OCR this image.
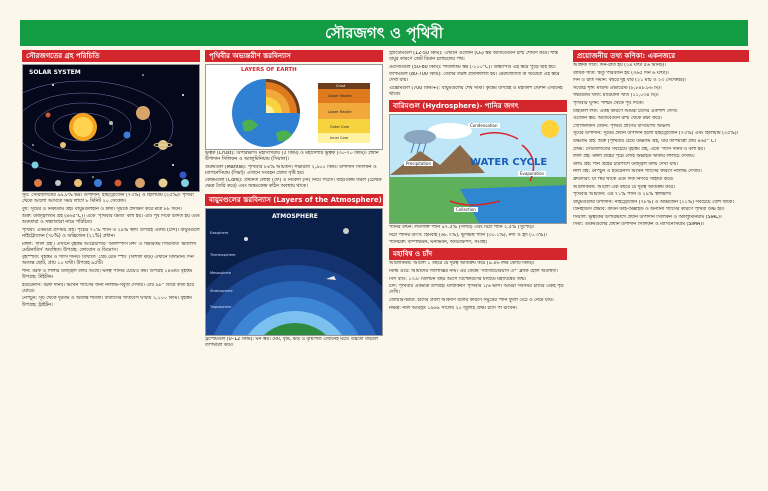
সৌরজগৎ ও পৃথিবী
সৌরজগতের গ্রহ পরিচিতি
SOLAR SYSTEM

সূর্য: সৌরজগতের ৯৯.৮% ভর। উপাদান: হাইড্রোজেন (৭৩%) ও হিলিয়াম (২৫%)। পৃথিবী থেকে আলো আসতে সময় লাগে ৮ মিনিট ২০ সেকেন্ড।

বুধ: সূর্যের ও নিকটতম গ্রহ। বায়ুমণ্ডলহীন ও দ্রুত। সূর্যকে প্রদক্ষিণ করে মাত্র ৮৮ দিনে।

শুক্র: উজ্জ্বলতম গ্রহ (৪৬৫°C)। একে 'পৃথিবীর যমজ' বলা হয়। এটি পূর্ব দিকে উদিত হয় এবং শুকতারা ও সন্ধ্যাতারা নামে পরিচিত।

পৃথিবী: একমাত্র প্রাণময় গ্রহ। পৃষ্ঠের ৭১% পানি ও ২৯% স্থল। উপগ্রহ একটি (চাঁদ)। বায়ুমণ্ডলে নাইট্রোজেন (৭৮%) ও অক্সিজেন (২১%) প্রধান।

মঙ্গল: 'লাল গ্রহ'। এখানে বৃহত্তম আগ্নেয়গিরি 'অলিম্পাস মন্স' ও গভীরতম গিরিখাত 'ভ্যালিস মেরিনারিস' অবস্থিত। উপগ্রহ: ফোবোস ও ডিমোস।

বৃহস্পতি: বৃহত্তম ও গ্যাস দানব। বিখ্যাত 'গ্রেট রেড স্পট' (বিশাল ঝড়) এখানে বিদ্যমান। দিন অত্যন্ত ছোট, প্রায় ১০ ঘণ্টা। উপগ্রহ ৯৫টি।

শনি: বরফ ও শিলার উজ্জ্বল বলয় আছে। ঘনত্ব পানির চেয়েও কম। উপগ্রহ ১৪৬টি। বৃহত্তম উপগ্রহ: টাইটান।

ইউরেনাস: বরফ দানব। মিথেন গ্যাসের জন্য নীলাভ-সবুজ দেখায়। এটি ৯৮° ডিগ্রি কাত হয়ে ঘোরে।

নেপচুন: সূর্য থেকে দূরতম ও অত্যন্ত শীতল। বাতাসের গতিবেগ ঘণ্টায় ২,১০০ কিমি। বৃহত্তম উপগ্রহ: ট্রাইটন।

পৃথিবীর অভ্যন্তরীণ স্তরবিন্যাস
LAYERS OF EARTH
Crust
Upper Mantle
Lower Mantle
Outer Core
Inner Core

ভূত্বক (Crust): উপরিভাগ। মহাসাগরীয় (৫ কিমি) ও মহাদেশীয় ভূত্বক (৩০-৭০ কিমি)। প্রধান উপাদান সিলিকন ও অ্যালুমিনিয়াম (সিয়াল)।

গুরুমণ্ডল (Mantle): পৃথিবীর ৮৪% আয়তন। গভীরতা ২,৯০০ কিমি। উপাদান সিলিকন ও ম্যাগনেসিয়াম (সিমা)। এখানে সংবহন স্রোত সৃষ্টি হয়।

কেন্দ্রমণ্ডল (Core): প্রধানত লোহা (ফে) ও নিকেল (নি) নিয়ে গঠিত। বহিঃকেন্দ্র তরল (চৌম্বক ক্ষেত্র তৈরি করে) এবং অন্তঃকেন্দ্র কঠিন অবস্থায় থাকে।

বায়ুমণ্ডলের স্তরবিন্যাস (Layers of the Atmosphere)
ATMOSPHERE
Exosphere
Thermosphere
Mesosphere
Stratosphere
Troposphere

ট্রপোমণ্ডল (0–12 কিমি): ঘন স্তর। মেঘ, বৃষ্টি, ঝড় ও বৃষ্টিপাত এখানেই ঘটে। উচ্চতা বাড়লে তাপমাত্রা কমে।

স্ট্র্যাটোমণ্ডল (12-50 কিমি): এখানে ওজোন (O₃) স্তর অতিবেগুনি রশ্মি শোষণ করে। শান্ত বায়ুর কারণে জেট বিমান চলাচলের পথ।

মেসোমণ্ডল (50-80 কিমি): শীতলতম স্তর (-১০০°C)। উল্কাপিণ্ড এই স্তরে পুড়ে ছাই হয়।

তাপমণ্ডল (80-700 কিমি): বেতার তরঙ্গ প্রতিফলিত হয়। মেরুজ্যোতি বা অরোরা এই স্তরে দেখা যায়।

এক্সোমণ্ডল (700 কিমি+): বায়ুমণ্ডলের শেষ সীমা। কৃত্রিম উপগ্রহ ও মহাকাশ স্টেশন এখানেই থাকে।

বারিমণ্ডল (Hydrosphere)- পানির জগৎ
WATER CYCLE
Condensation
Precipitation
Evaporation
Collection

পানির বন্টন: লবণাক্ত পানি ৯৭.৫% (সাগর) এবং মিঠা পানি ২.৫% (সুপেয়)।

মিঠা পানির উৎস: হিমবাহ (৬৮.৭%), ভূগর্ভস্থ পানি (৩০.১%), নদী ও হ্রদ (০.৩%)।

পানিচক্র: বাষ্পীভবন, ঘনীভবন, অধঃক্ষেপণ, সংগ্রহ।

মহাবিশ্ব ও চাঁদ

আলোকবর্ষ: আলো ১ বছরে যে দূরত্ব অতিক্রম করে (৯.৪৬ লক্ষ কোটি কিমি)।

মিল্কি ওয়ে: আমাদের গ্যালাক্সির নাম। এর কেন্দ্রে 'স্যাজিটেরিয়াস এ*' ব্ল্যাক হোল অবস্থিত।

বিগ ব্যাং: ১৩.৮ বিলিয়ন বছর আগে বিস্ফোরণের মাধ্যমে মহাবিশ্বের জন্ম।

চাঁদ: পৃথিবীর একমাত্র উপগ্রহ। মাধ্যাকর্ষণ পৃথিবীর ১/৬ ভাগ। আমরা সবসময় চাঁদের একই পৃষ্ঠ দেখি।

জোয়ার-ভাটা: চাঁদের প্রবল আকর্ষণ বলের কারণে সমুদ্রের পানি ফুলে ওঠে ও নেমে যায়।

নক্ষত্র: নীল আর্মস্ট্রং ১৯৬৯ সালের ২০ জুলাই প্রথম চাঁদে পা রাখেন।

প্রয়োজনীয় তথ্য কণিকা: একনজরে

আহ্নিক গতি: দিন-রাত হয় (২৪ ঘণ্টা ৫৬ মিনিট)।

বার্ষিক গতি: ঋতু পরিবর্তন হয় (৩৬৫ দিন ৬ ঘণ্টা)।

দিন ও রাত সমান: বছরে দুই বার (২১ মার্চ ও ২৩ সেপ্টেম্বর)।

সর্বোচ্চ শৃঙ্গ: মাউন্ট এভারেস্ট (৮,৮৪৮.৮৬ মি)।

গভীরতম খাত: মারিয়ানা খাত (১১,০৩৪ মি)।

পৃথিবীর ঘূর্ণন: পশ্চিম থেকে পূর্ব দিকে।

টাইডাল লক: একই কারণে আমরা চাঁদের একপাশ দেখি।

ওজোন স্তর: অতিবেগুনি রশ্মি থেকে রক্ষা করে।

গোল্ডিলকস জোন: পৃথিবী প্রাণের বাসযোগ্য অঞ্চল।

সূর্যের উপাদান: সূর্যের প্রধান উপাদান হলো হাইড্রোজেন (৭৩%) এবং হিলিয়াম (২৫%)।

উষ্ণতম গ্রহ: শুক্র (পৃথিবীর চেয়ে উষ্ণতম গ্রহ, যার তাপমাত্রা প্রায় ৪৬৫° C।

প্রথম: সৌরজগতের সবচেয়ে বৃহত্তম গ্রহ, একে 'গ্যাস দানব'ও বলা হয়।

লাল গ্রহ: মঙ্গল গ্রহের পৃষ্ঠে লৌহ অক্সাইড থাকায় লালচে দেখায়।

বলয় গ্রহ: শনি গ্রহের চারপাশে উজ্জ্বল বলয় দেখা যায়।

নীল গ্রহ: নেপচুন ও ইউরেনাস মিথেন গ্যাসের কারণে নীলাভ দেখায়।

ধ্রুবতারা: যা স্থির থাকে এবং দিক নির্ণয়ে সাহায্য করে।

আলোকবর্ষ: আলো এক বছরে যে দূরত্ব অতিক্রম করে।

পৃথিবীর আয়তন: এর ৭১% পানি ও ২৯% স্থলভাগ।

বায়ুমণ্ডলের উপাদান: নাইট্রোজেন (৭৮%) ও অক্সিজেন (২১%) সবচেয়ে বেশি থাকে।

গ্রিনহাউস প্রভাব: কার্বন ডাই-অক্সাইড ও অন্যান্য গ্যাসের কারণে পৃথিবী উষ্ণ হয়।

সিয়াল: ভূত্বকের উপরিভাগে প্রধান উপাদান সিলিকন ও অ্যালুমিনিয়াম (SIAL)।

সিমা: গুরুমণ্ডলের প্রধান উপাদান সিলিকন ও ম্যাগনেসিয়াম (SIMA)।
